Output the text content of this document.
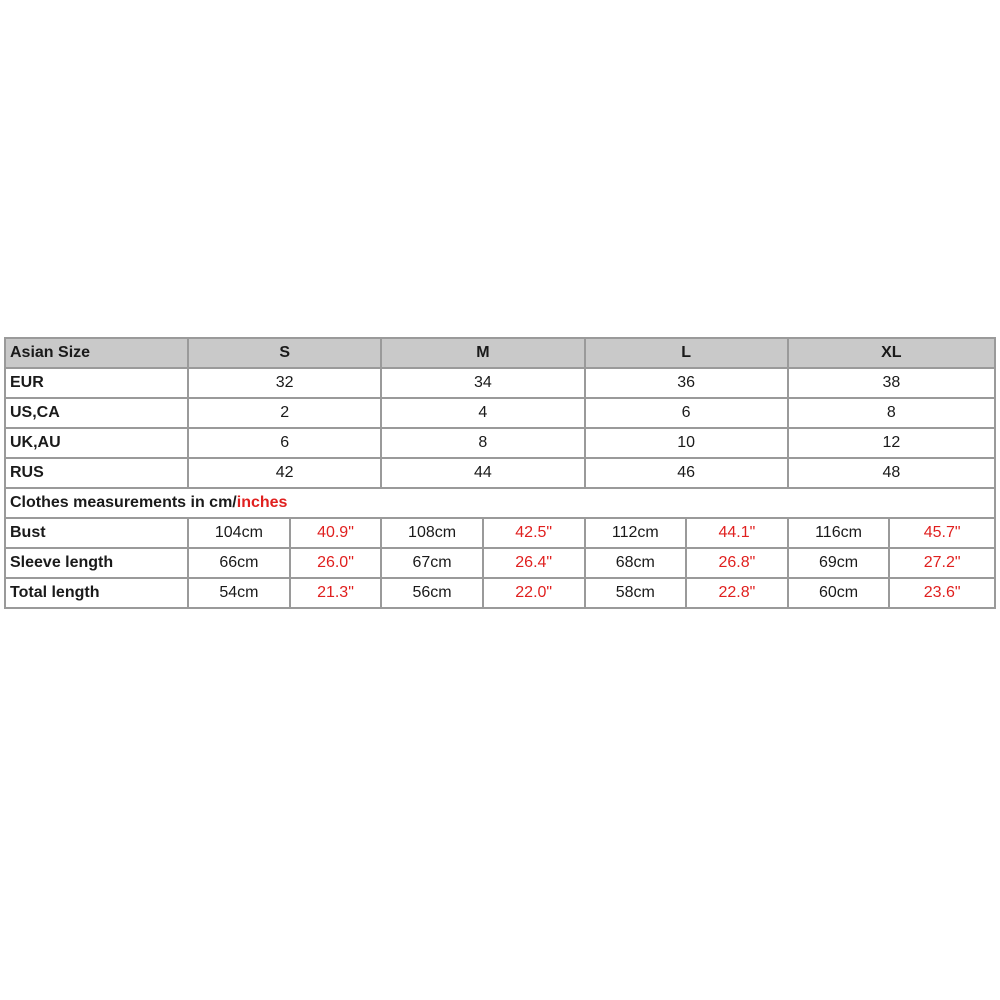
Asian Size	S		M		L		XL	
EUR	32		34		36		38	
US,CA	2		4		6		8	
UK,AU	6		8		10		12	
RUS	42		44		46		48	
Clothes measurements in cm/inches								
Bust	104cm	40.9"	108cm	42.5"	112cm	44.1"	116cm	45.7"
Sleeve length	66cm	26.0"	67cm	26.4"	68cm	26.8"	69cm	27.2"
Total length	54cm	21.3"	56cm	22.0"	58cm	22.8"	60cm	23.6"
